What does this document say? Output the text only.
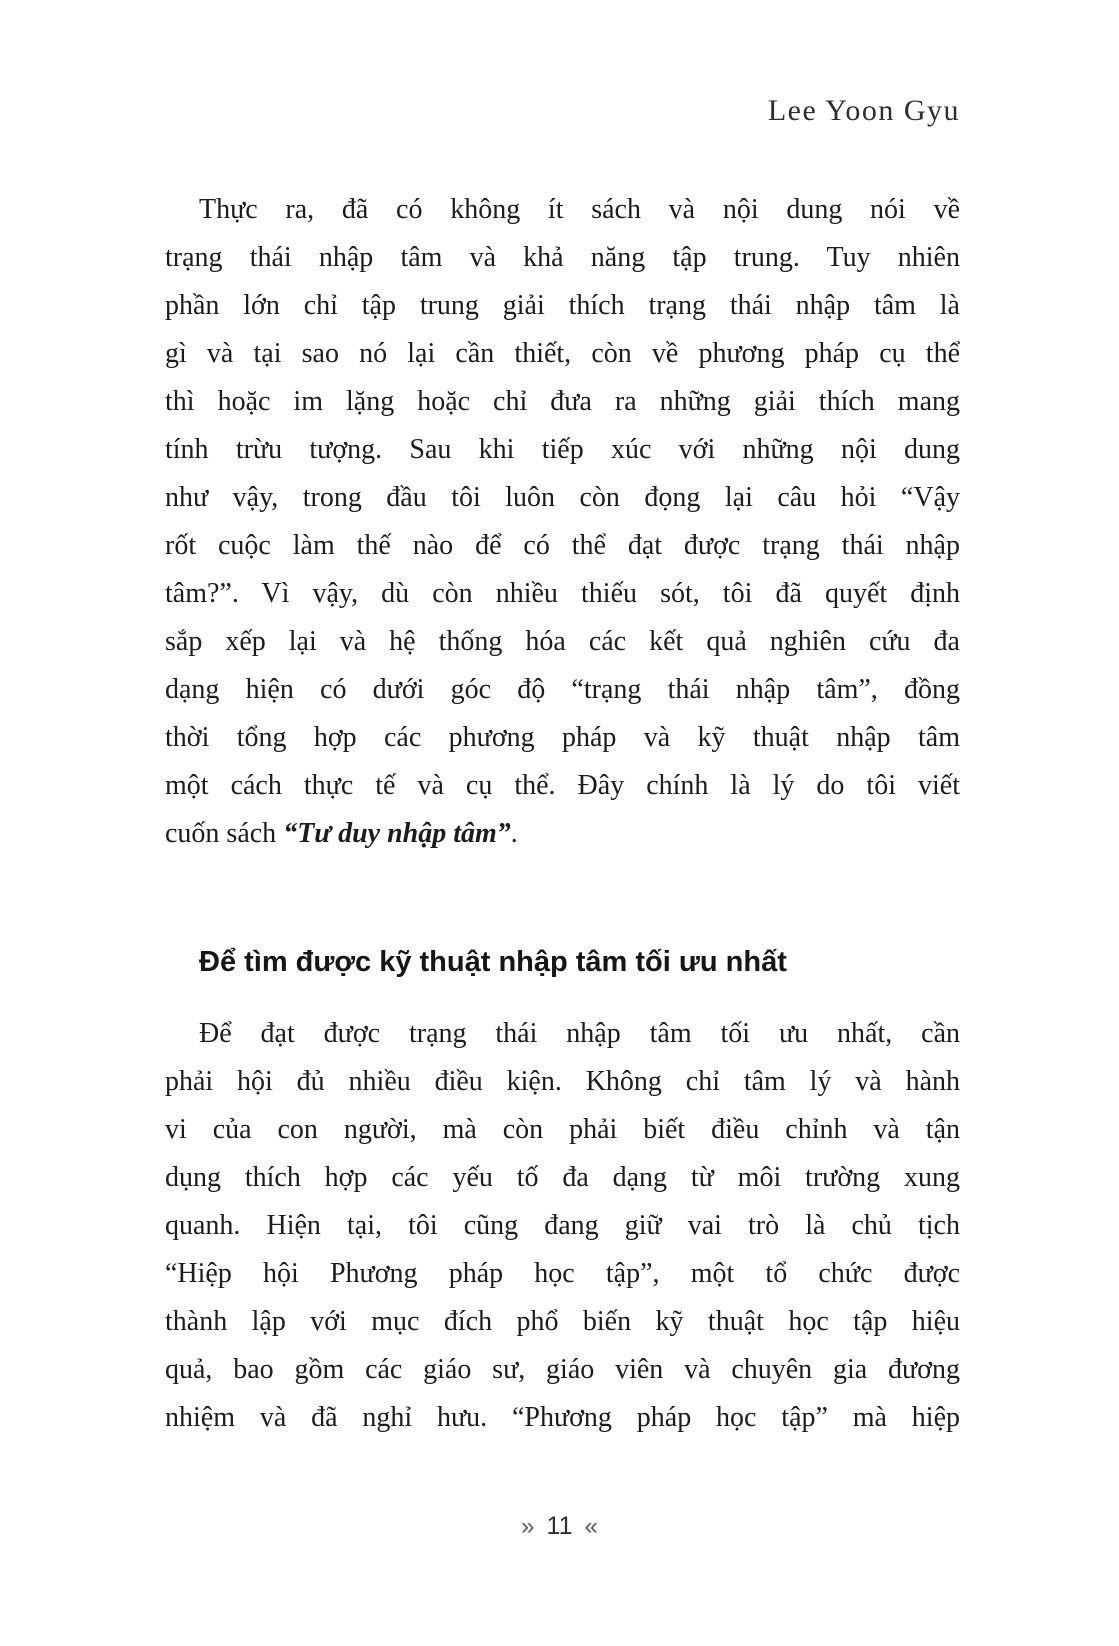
Lee Yoon Gyu
Thực ra, đã có không ít sách và nội dung nói về
trạng thái nhập tâm và khả năng tập trung. Tuy nhiên
phần lớn chỉ tập trung giải thích trạng thái nhập tâm là
gì và tại sao nó lại cần thiết, còn về phương pháp cụ thể
thì hoặc im lặng hoặc chỉ đưa ra những giải thích mang
tính trừu tượng. Sau khi tiếp xúc với những nội dung
như vậy, trong đầu tôi luôn còn đọng lại câu hỏi “Vậy
rốt cuộc làm thế nào để có thể đạt được trạng thái nhập
tâm?”. Vì vậy, dù còn nhiều thiếu sót, tôi đã quyết định
sắp xếp lại và hệ thống hóa các kết quả nghiên cứu đa
dạng hiện có dưới góc độ “trạng thái nhập tâm”, đồng
thời tổng hợp các phương pháp và kỹ thuật nhập tâm
một cách thực tế và cụ thể. Đây chính là lý do tôi viết
cuốn sách “Tư duy nhập tâm”.
Để tìm được kỹ thuật nhập tâm tối ưu nhất
Để đạt được trạng thái nhập tâm tối ưu nhất, cần
phải hội đủ nhiều điều kiện. Không chỉ tâm lý và hành
vi của con người, mà còn phải biết điều chỉnh và tận
dụng thích hợp các yếu tố đa dạng từ môi trường xung
quanh. Hiện tại, tôi cũng đang giữ vai trò là chủ tịch
“Hiệp hội Phương pháp học tập”, một tổ chức được
thành lập với mục đích phổ biến kỹ thuật học tập hiệu
quả, bao gồm các giáo sư, giáo viên và chuyên gia đương
nhiệm và đã nghỉ hưu. “Phương pháp học tập” mà hiệp
» 11 «
